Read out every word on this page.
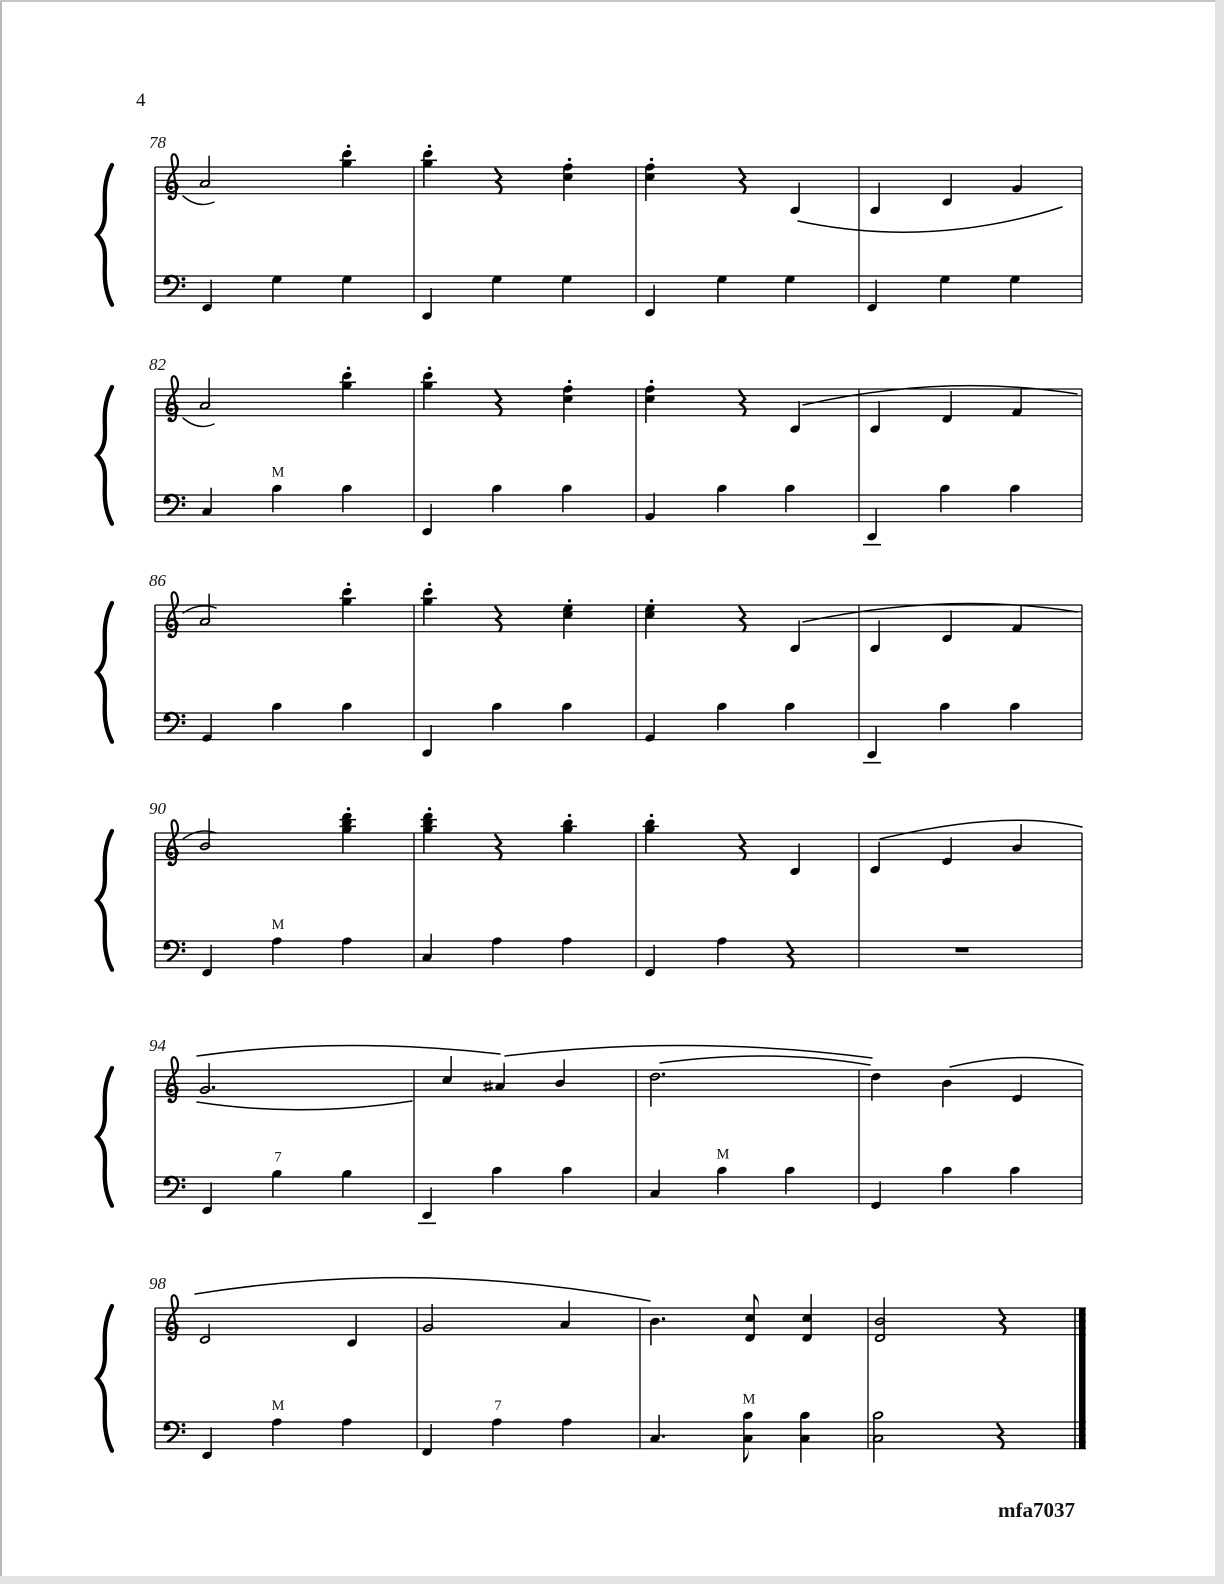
4
78
82
M
86
90
M
94
7	M
98
M	7	M
mfa7037
